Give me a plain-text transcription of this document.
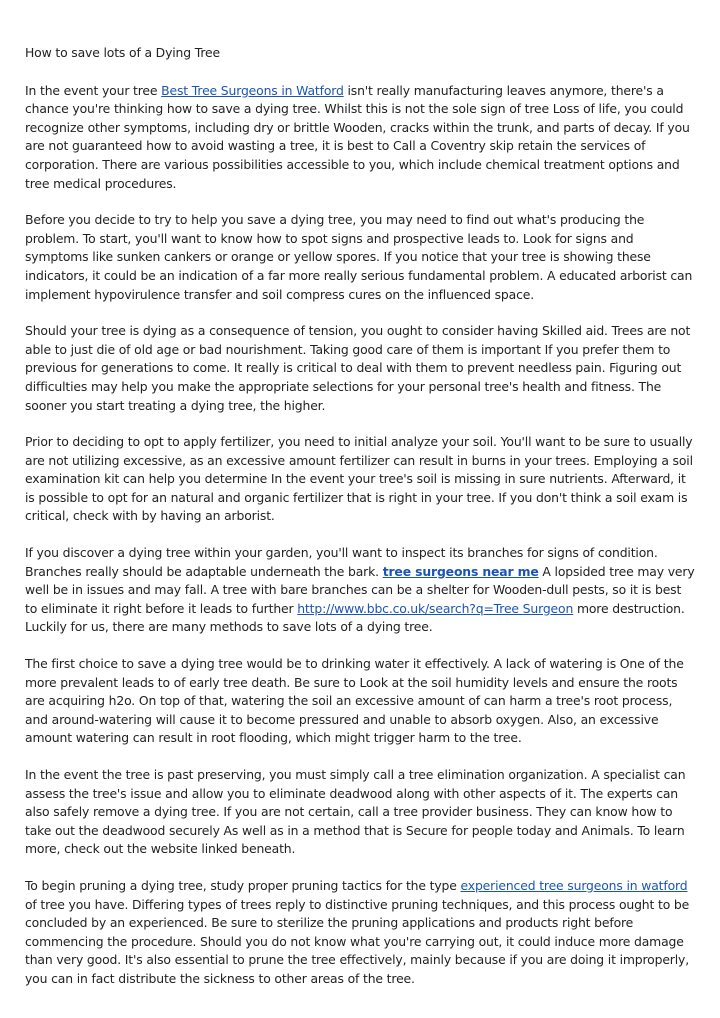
How to save lots of a Dying Tree

In the event your tree Best Tree Surgeons in Watford isn't really manufacturing leaves anymore, there's a chance you're thinking how to save a dying tree. Whilst this is not the sole sign of tree Loss of life, you could recognize other symptoms, including dry or brittle Wooden, cracks within the trunk, and parts of decay. If you are not guaranteed how to avoid wasting a tree, it is best to Call a Coventry skip retain the services of corporation. There are various possibilities accessible to you, which include chemical treatment options and tree medical procedures.

Before you decide to try to help you save a dying tree, you may need to find out what's producing the problem. To start, you'll want to know how to spot signs and prospective leads to. Look for signs and symptoms like sunken cankers or orange or yellow spores. If you notice that your tree is showing these indicators, it could be an indication of a far more really serious fundamental problem. A educated arborist can implement hypovirulence transfer and soil compress cures on the influenced space.

Should your tree is dying as a consequence of tension, you ought to consider having Skilled aid. Trees are not able to just die of old age or bad nourishment. Taking good care of them is important If you prefer them to previous for generations to come. It really is critical to deal with them to prevent needless pain. Figuring out difficulties may help you make the appropriate selections for your personal tree's health and fitness. The sooner you start treating a dying tree, the higher.

Prior to deciding to opt to apply fertilizer, you need to initial analyze your soil. You'll want to be sure to usually are not utilizing excessive, as an excessive amount fertilizer can result in burns in your trees. Employing a soil examination kit can help you determine In the event your tree's soil is missing in sure nutrients. Afterward, it is possible to opt for an natural and organic fertilizer that is right in your tree. If you don't think a soil exam is critical, check with by having an arborist.

If you discover a dying tree within your garden, you'll want to inspect its branches for signs of condition. Branches really should be adaptable underneath the bark. tree surgeons near me A lopsided tree may very well be in issues and may fall. A tree with bare branches can be a shelter for Wooden-dull pests, so it is best to eliminate it right before it leads to further http://www.bbc.co.uk/search?q=Tree Surgeon more destruction. Luckily for us, there are many methods to save lots of a dying tree.

The first choice to save a dying tree would be to drinking water it effectively. A lack of watering is One of the more prevalent leads to of early tree death. Be sure to Look at the soil humidity levels and ensure the roots are acquiring h2o. On top of that, watering the soil an excessive amount of can harm a tree's root process, and around-watering will cause it to become pressured and unable to absorb oxygen. Also, an excessive amount watering can result in root flooding, which might trigger harm to the tree.

In the event the tree is past preserving, you must simply call a tree elimination organization. A specialist can assess the tree's issue and allow you to eliminate deadwood along with other aspects of it. The experts can also safely remove a dying tree. If you are not certain, call a tree provider business. They can know how to take out the deadwood securely As well as in a method that is Secure for people today and Animals. To learn more, check out the website linked beneath.

To begin pruning a dying tree, study proper pruning tactics for the type experienced tree surgeons in watford of tree you have. Differing types of trees reply to distinctive pruning techniques, and this process ought to be concluded by an experienced. Be sure to sterilize the pruning applications and products right before commencing the procedure. Should you do not know what you're carrying out, it could induce more damage than very good. It's also essential to prune the tree effectively, mainly because if you are doing it improperly, you can in fact distribute the sickness to other areas of the tree.
